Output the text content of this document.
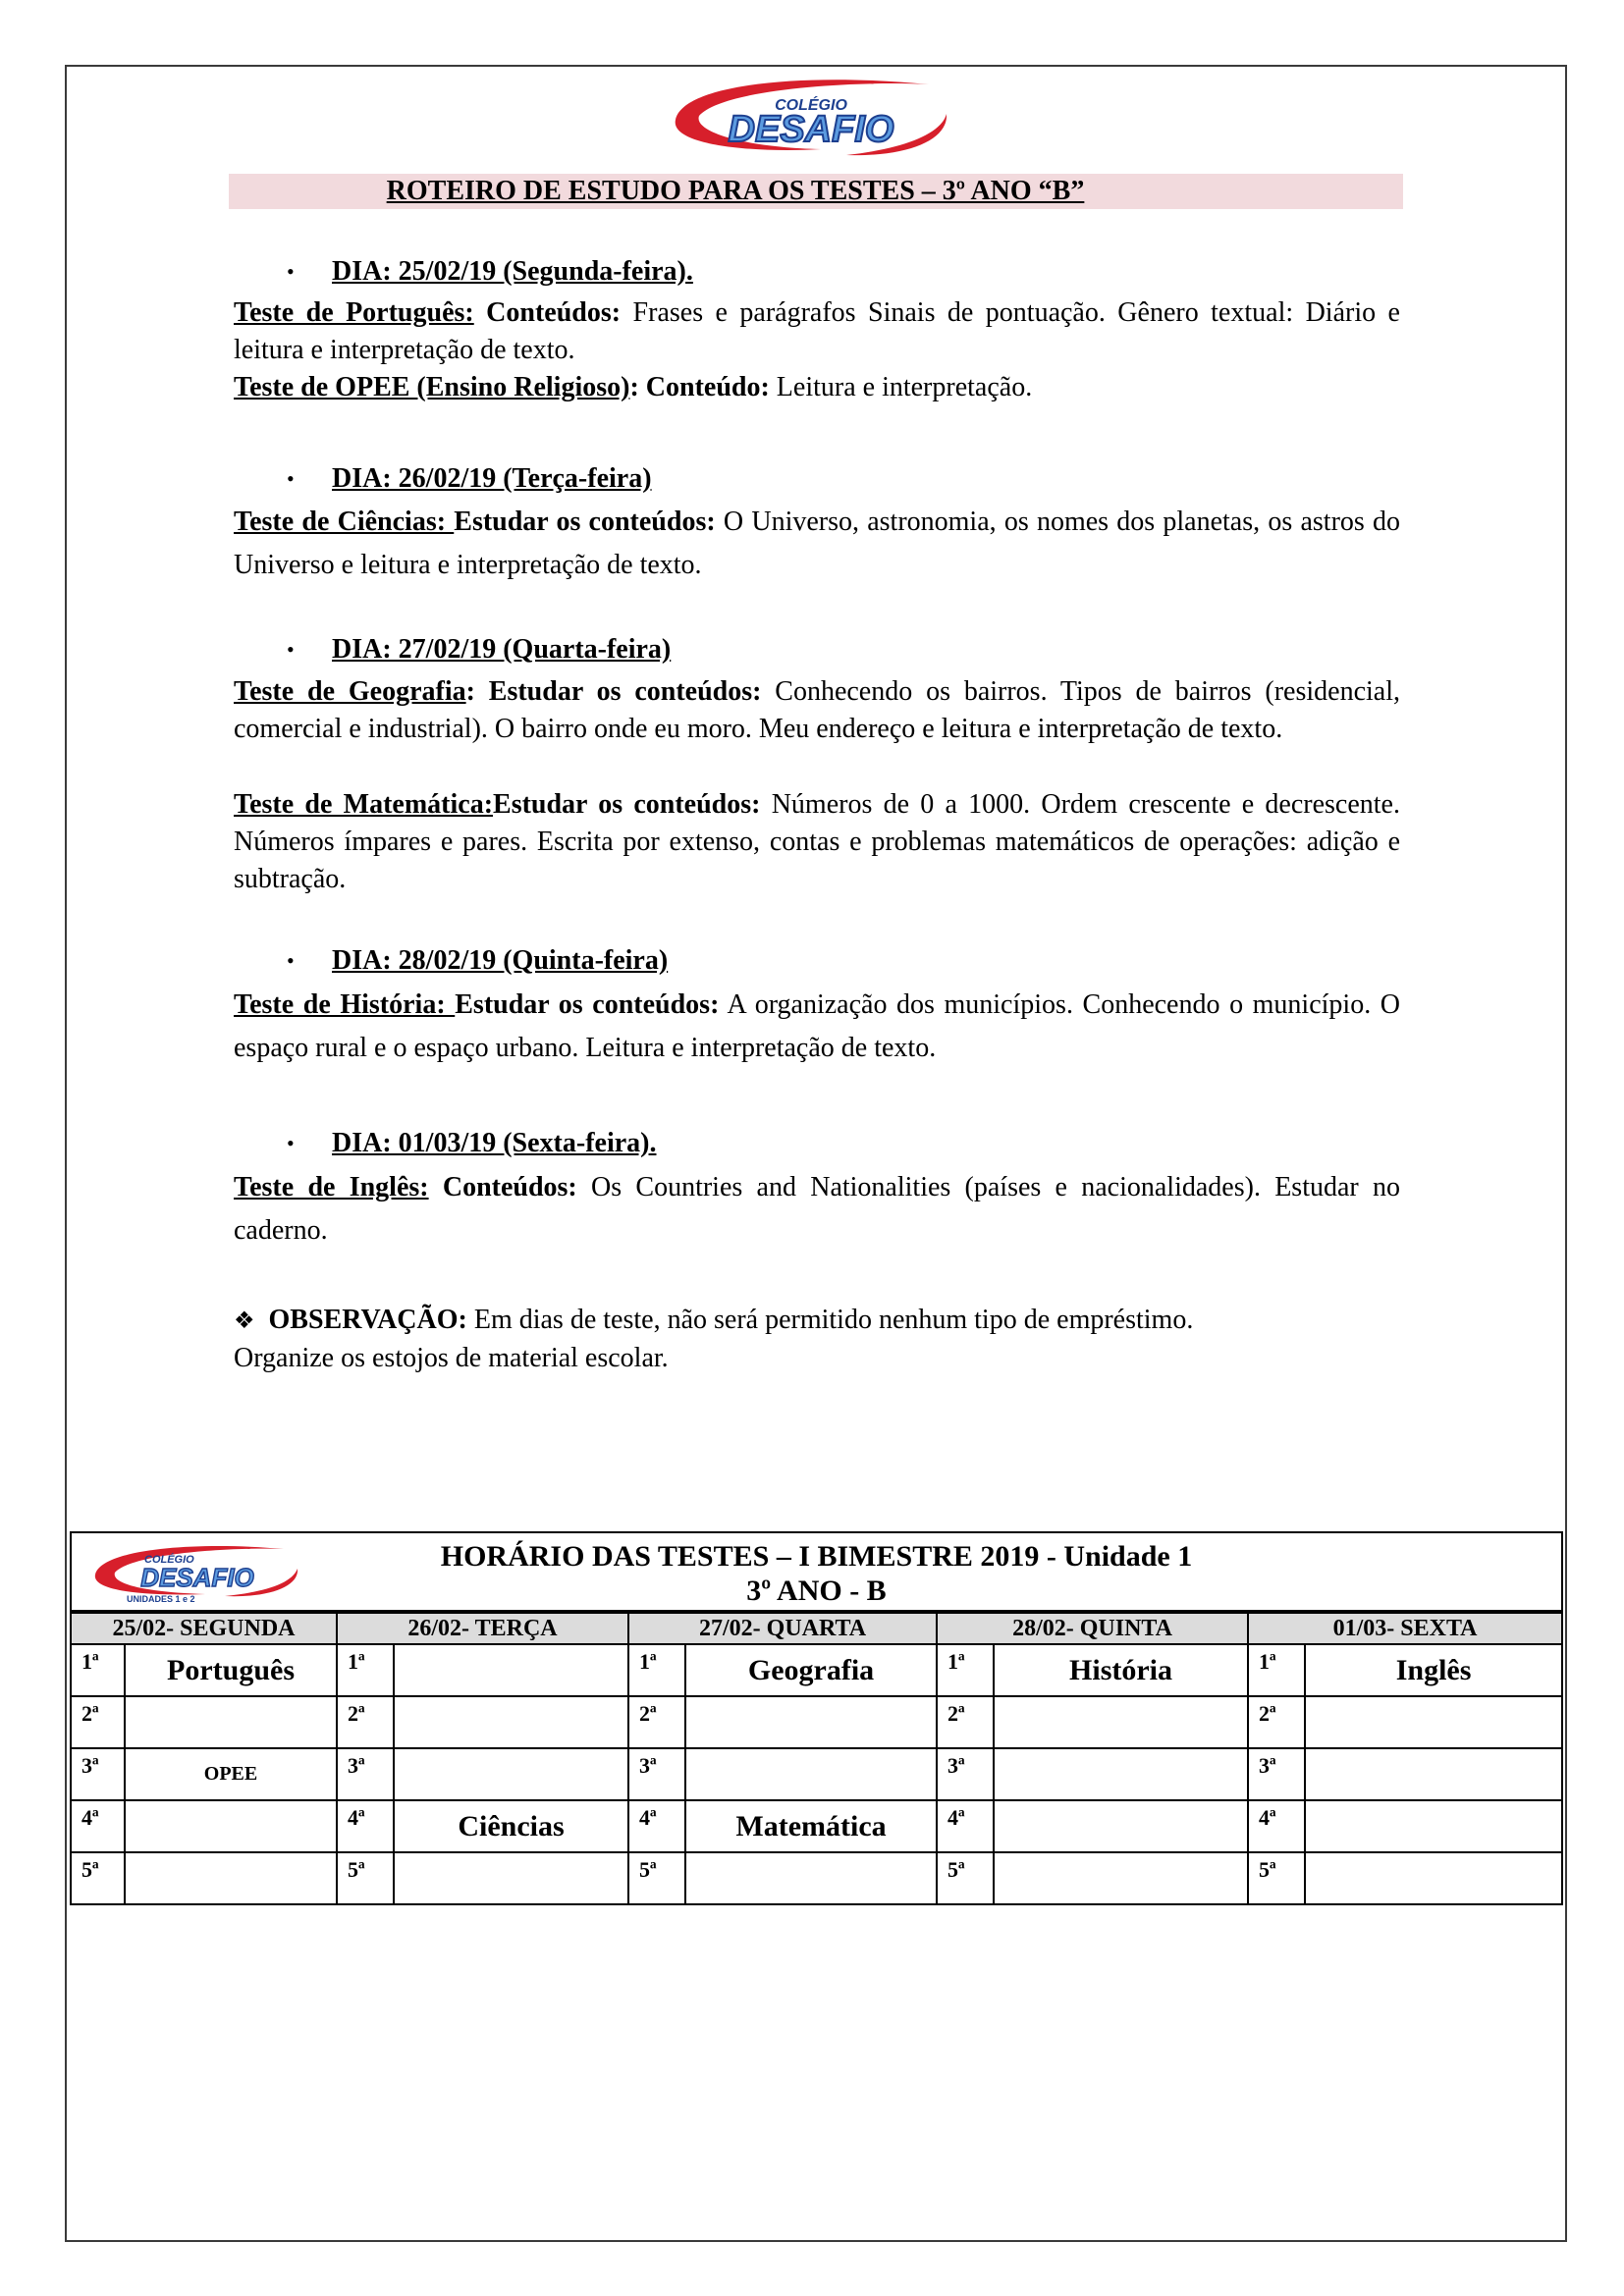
COLÉGIO
DESAFIO
ROTEIRO DE ESTUDO PARA OS TESTES – 3º ANO “B”
• DIA: 25/02/19 (Segunda-feira).
Teste de Português: Conteúdos: Frases e parágrafos Sinais de pontuação. Gênero textual: Diário e leitura e interpretação de texto.
Teste de OPEE (Ensino Religioso): Conteúdo: Leitura e interpretação.
• DIA: 26/02/19 (Terça-feira)
Teste de Ciências: Estudar os conteúdos: O Universo, astronomia, os nomes dos planetas, os astros do Universo e leitura e interpretação de texto.
• DIA: 27/02/19 (Quarta-feira)
Teste de Geografia: Estudar os conteúdos: Conhecendo os bairros. Tipos de bairros (residencial, comercial e industrial). O bairro onde eu moro. Meu endereço e leitura e interpretação de texto.
Teste de Matemática:Estudar os conteúdos: Números de 0 a 1000. Ordem crescente e decrescente. Números ímpares e pares. Escrita por extenso, contas e problemas matemáticos de operações: adição e subtração.
• DIA: 28/02/19 (Quinta-feira)
Teste de História: Estudar os conteúdos: A organização dos municípios. Conhecendo o município. O espaço rural e o espaço urbano. Leitura e interpretação de texto.
• DIA: 01/03/19 (Sexta-feira).
Teste de Inglês: Conteúdos: Os Countries and Nationalities (países e nacionalidades). Estudar no caderno.
❖ OBSERVAÇÃO: Em dias de teste, não será permitido nenhum tipo de empréstimo. Organize os estojos de material escolar.
COLÉGIO
DESAFIO
UNIDADES 1 e 2
HORÁRIO DAS TESTES – I BIMESTRE 2019 - Unidade 1
3º ANO - B
25/02- SEGUNDA		26/02- TERÇA		27/02- QUARTA		28/02- QUINTA		01/03- SEXTA	
1ª	Português	1ª		1ª	Geografia	1ª	História	1ª	Inglês
2ª		2ª		2ª		2ª		2ª	
3ª	OPEE	3ª		3ª		3ª		3ª	
4ª		4ª	Ciências	4ª	Matemática	4ª		4ª	
5ª		5ª		5ª		5ª		5ª	
